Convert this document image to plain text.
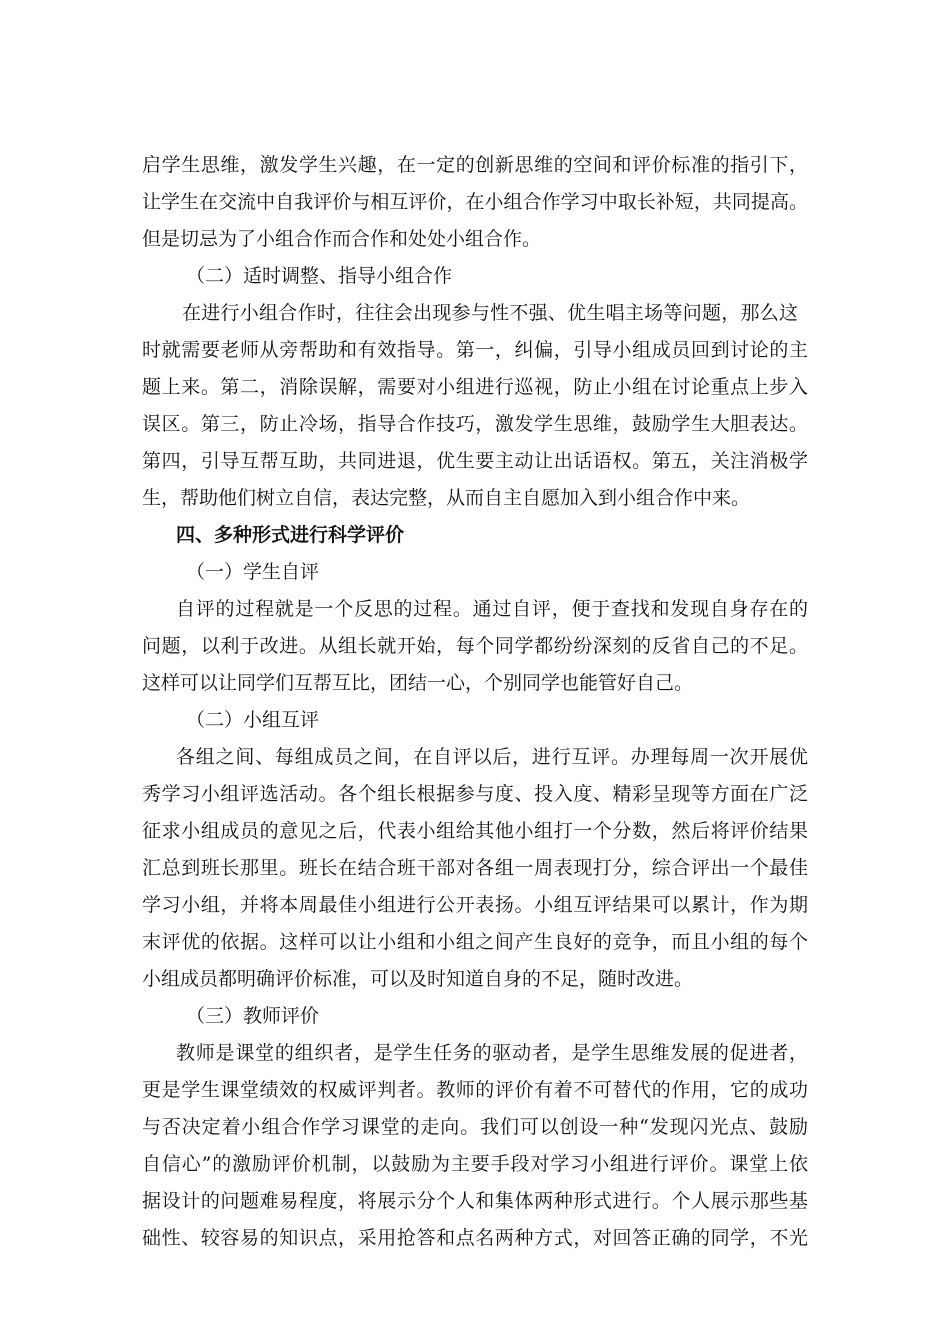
启学生思维，激发学生兴趣，在一定的创新思维的空间和评价标准的指引下，
让学生在交流中自我评价与相互评价，在小组合作学习中取长补短，共同提高。
但是切忌为了小组合作而合作和处处小组合作。
（二）适时调整、指导小组合作
在进行小组合作时，往往会出现参与性不强、优生唱主场等问题，那么这
时就需要老师从旁帮助和有效指导。第一，纠偏，引导小组成员回到讨论的主
题上来。第二，消除误解，需要对小组进行巡视，防止小组在讨论重点上步入
误区。第三，防止冷场，指导合作技巧，激发学生思维，鼓励学生大胆表达。
第四，引导互帮互助，共同进退，优生要主动让出话语权。第五，关注消极学
生，帮助他们树立自信，表达完整，从而自主自愿加入到小组合作中来。
四、多种形式进行科学评价
（一）学生自评
自评的过程就是一个反思的过程。通过自评，便于查找和发现自身存在的
问题，以利于改进。从组长就开始，每个同学都纷纷深刻的反省自己的不足。
这样可以让同学们互帮互比，团结一心，个别同学也能管好自己。
（二）小组互评
各组之间、每组成员之间，在自评以后，进行互评。办理每周一次开展优
秀学习小组评选活动。各个组长根据参与度、投入度、精彩呈现等方面在广泛
征求小组成员的意见之后，代表小组给其他小组打一个分数，然后将评价结果
汇总到班长那里。班长在结合班干部对各组一周表现打分，综合评出一个最佳
学习小组，并将本周最佳小组进行公开表扬。小组互评结果可以累计，作为期
末评优的依据。这样可以让小组和小组之间产生良好的竞争，而且小组的每个
小组成员都明确评价标准，可以及时知道自身的不足，随时改进。
（三）教师评价
教师是课堂的组织者，是学生任务的驱动者，是学生思维发展的促进者，
更是学生课堂绩效的权威评判者。教师的评价有着不可替代的作用，它的成功
与否决定着小组合作学习课堂的走向。我们可以创设一种“发现闪光点、鼓励
自信心”的激励评价机制，以鼓励为主要手段对学习小组进行评价。课堂上依
据设计的问题难易程度，将展示分个人和集体两种形式进行。个人展示那些基
础性、较容易的知识点，采用抢答和点名两种方式，对回答正确的同学，不光
